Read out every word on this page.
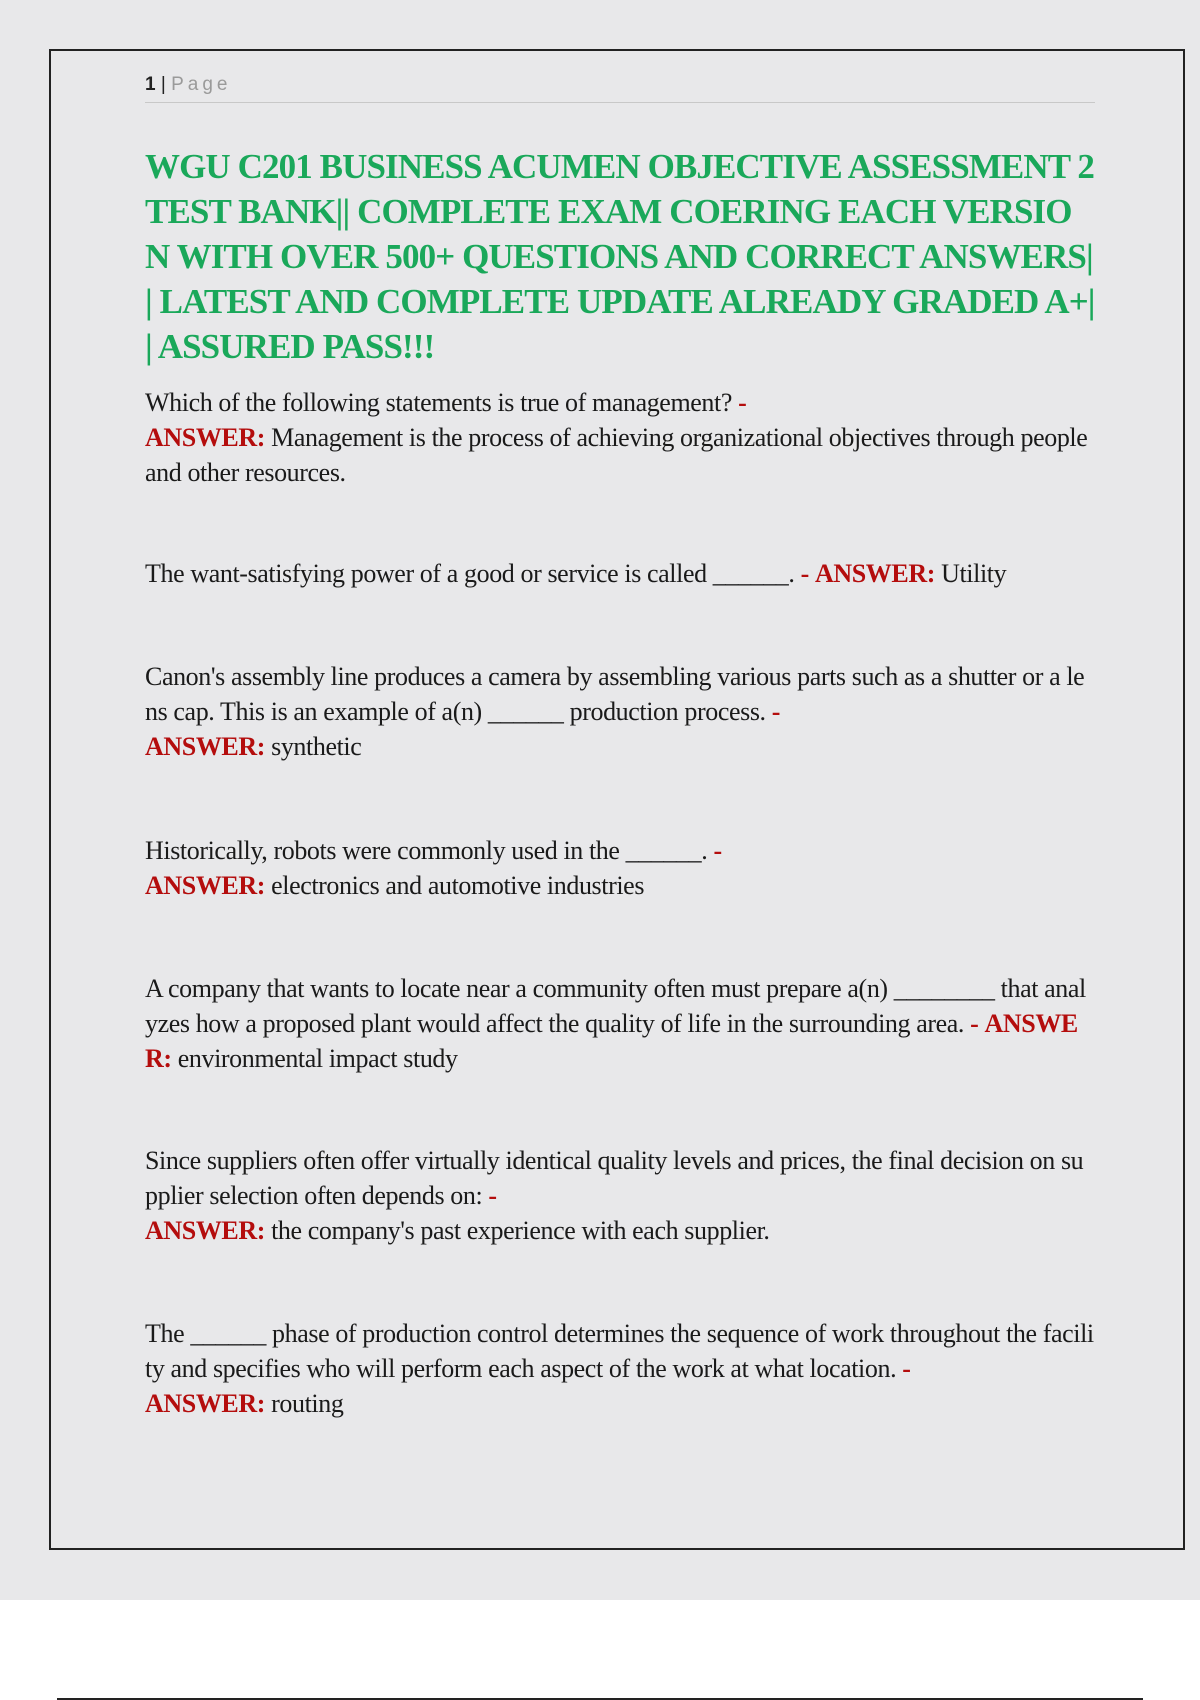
1 | Page
WGU C201 BUSINESS ACUMEN OBJECTIVE ASSESSMENT 2 TEST BANK|| COMPLETE EXAM COERING EACH VERSION WITH OVER 500+ QUESTIONS AND CORRECT ANSWERS|| LATEST AND COMPLETE UPDATE ALREADY GRADED A+|| ASSURED PASS!!!
Which of the following statements is true of management? -
ANSWER: Management is the process of achieving organizational objectives through people and other resources.
The want-satisfying power of a good or service is called ______. - ANSWER: Utility
Canon's assembly line produces a camera by assembling various parts such as a shutter or a lens cap. This is an example of a(n) ______ production process. -
ANSWER: synthetic
Historically, robots were commonly used in the ______. -
ANSWER: electronics and automotive industries
A company that wants to locate near a community often must prepare a(n) ________ that analyzes how a proposed plant would affect the quality of life in the surrounding area. - ANSWER: environmental impact study
Since suppliers often offer virtually identical quality levels and prices, the final decision on supplier selection often depends on: -
ANSWER: the company's past experience with each supplier.
The ______ phase of production control determines the sequence of work throughout the facility and specifies who will perform each aspect of the work at what location. -
ANSWER: routing
